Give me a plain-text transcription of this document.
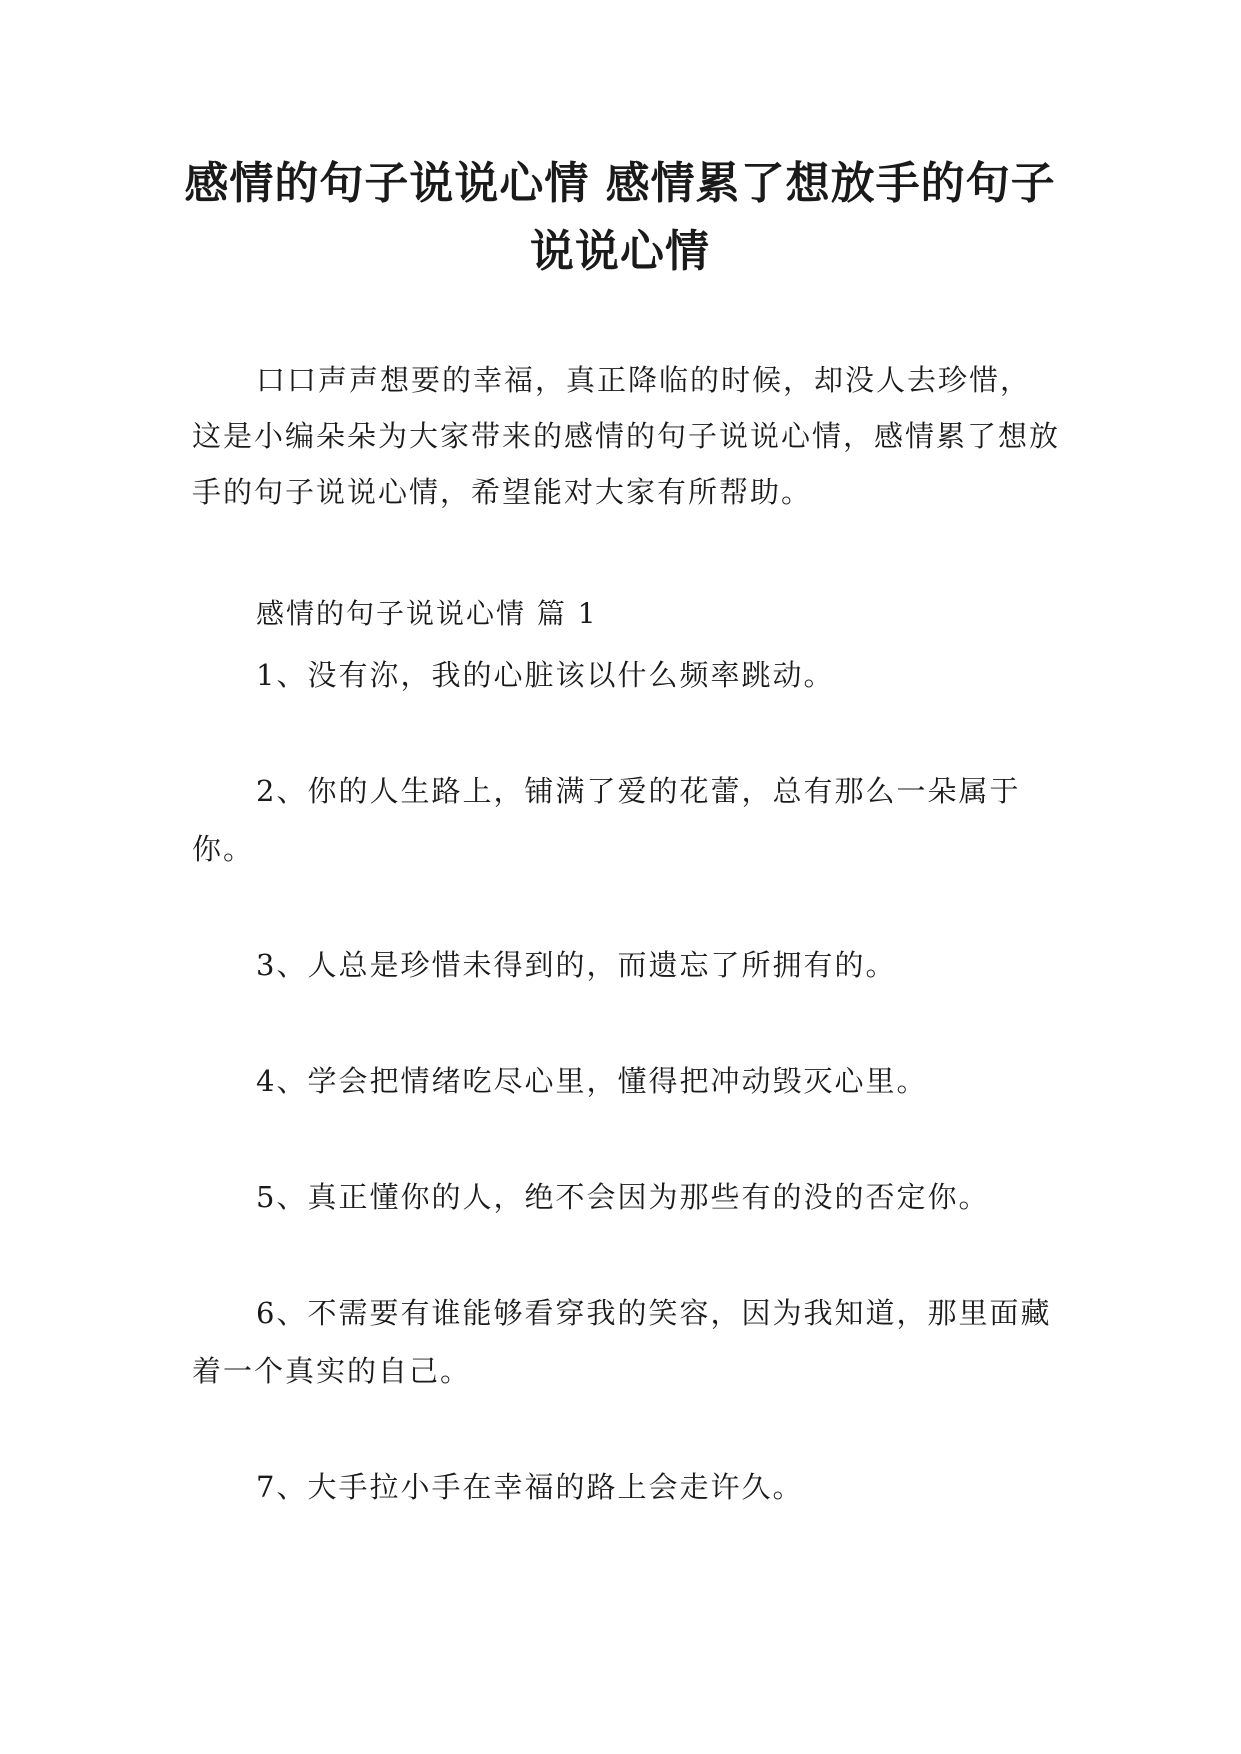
感情的句子说说心情 感情累了想放手的句子说说心情

口口声声想要的幸福，真正降临的时候，却没人去珍惜，这是小编朵朵为大家带来的感情的句子说说心情，感情累了想放手的句子说说心情，希望能对大家有所帮助。

感情的句子说说心情 篇 1

1、没有沵，我的心脏该以什么频率跳动。

2、你的人生路上，铺满了爱的花蕾，总有那么一朵属于你。

3、人总是珍惜未得到的，而遗忘了所拥有的。

4、学会把情绪吃尽心里，懂得把冲动毁灭心里。

5、真正懂你的人，绝不会因为那些有的没的否定你。

6、不需要有谁能够看穿我的笑容，因为我知道，那里面藏着一个真实的自己。

7、大手拉小手在幸福的路上会走许久。
